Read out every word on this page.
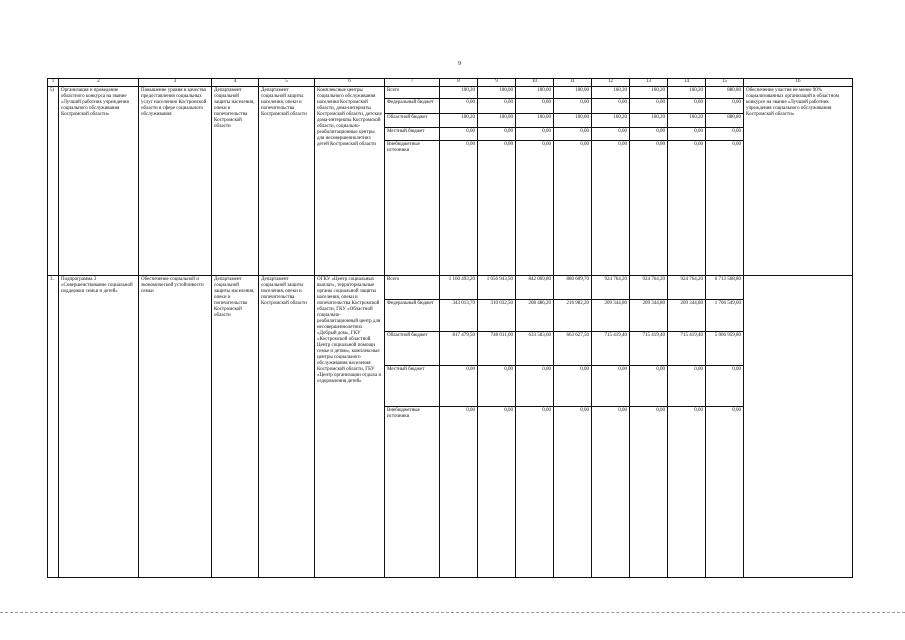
·
9
1	2	3	4	5	6	7	8	9	10	11	12	13	14	15	16
5)	Организация и проведение областного конкурса на звание «Лучший работник учреждения социального обслуживания Костромской области»	Повышение уровня и качества предоставления социальных услуг населению Костромской области в сфере социального обслуживания	Департамент социальной защиты населения, опеки и попечительства Костромской области	Департамент социальной защиты населения, опеки и попечительства Костромской области	Комплексные центры социального обслуживания населения Костромской области, дома-интернаты Костромской области, детские дома-интернаты Костромской области, социально-реабилитационные центры для несовершеннолетних детей Костромской области	Всего	100,20	100,00	100,00	100,00	160,20	160,20	160,20	880,80	Обеспечение участия не менее 90% социализованных организаций в областном конкурсе на звание «Лучший работник учреждения социального обслуживания Костромской области»
						Федеральный бюджет	0,00	0,00	0,00	0,00	0,00	0,00	0,00	0,00	
						Областной бюджет	100,20	100,00	100,00	100,00	160,20	160,20	160,20	880,80	
						Местный бюджет	0,00	0,00	0,00	0,00	0,00	0,00	0,00	0,00	
						Внебюджетные источники	0,00	0,00	0,00	0,00	0,00	0,00	0,00	0,00	
3.	Подпрограмма 3 «Совершенствование социальной поддержки семьи и детей»	Обеспечение социальной и экономической устойчивости семьи	Департамент социальной защиты населения, опеки и попечительства Костромской области	Департамент социальной защиты населения, опеки и попечительства Костромской области	ОГКУ «Центр социальных выплат», территориальные органы социальной защиты населения, опеки и попечительства Костромской области, ГКУ «Областной социально-реабилитационный центр для несовершеннолетних «Добрый дом», ГКУ «Костромской областной Центр социальной помощи семье и детям», комплексные центры социального обслуживания населения Костромской области, ГБУ «Центр организации отдыха и оздоровления детей»	Всего	1 160 493,20	1 056 943,50	842 069,80	880 609,70	924 764,20	924 764,20	924 764,20	6 713 508,80	
						Федеральный бюджет	343 013,70	310 032,50	208 486,20	216 982,20	209 344,80	209 344,80	209 344,80	1 706 549,00	
						Областной бюджет	817 479,50	746 011,00	633 583,60	663 627,50	715 419,40	715 419,40	715 419,40	5 006 959,80	
						Местный бюджет	0,00	0,00	0,00	0,00	0,00	0,00	0,00	0,00	
						Внебюджетные источники	0,00	0,00	0,00	0,00	0,00	0,00	0,00	0,00	
